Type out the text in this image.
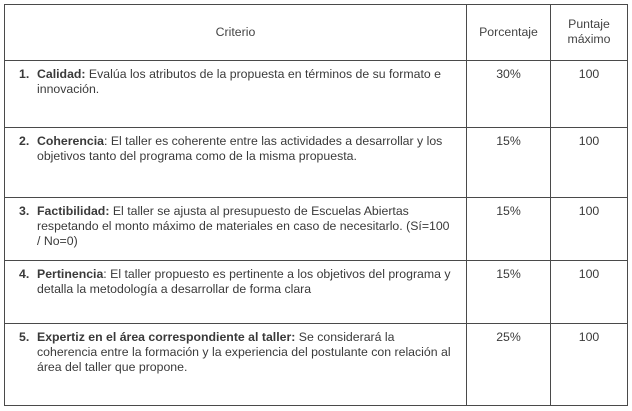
Criterio	Porcentaje	Puntaje
máximo

1. Calidad: Evalúa los atributos de la propuesta en términos de su formato e innovación.	30%	100

2. Coherencia: El taller es coherente entre las actividades a desarrollar y los objetivos tanto del programa como de la misma propuesta.	15%	100

3. Factibilidad: El taller se ajusta al presupuesto de Escuelas Abiertas respetando el monto máximo de materiales en caso de necesitarlo. (Sí=100 / No=0)	15%	100

4. Pertinencia: El taller propuesto es pertinente a los objetivos del programa y detalla la metodología a desarrollar de forma clara	15%	100

5. Expertiz en el área correspondiente al taller: Se considerará la coherencia entre la formación y la experiencia del postulante con relación al área del taller que propone.	25%	100
